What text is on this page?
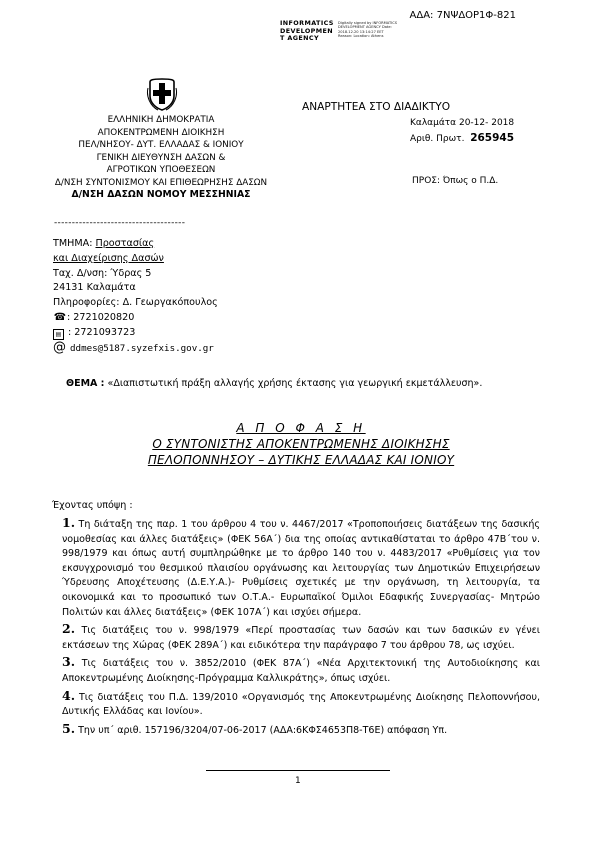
ΑΔΑ: 7ΝΨΔΟΡ1Φ-821
INFORMATICS
DEVELOPMEN
T AGENCY
Digitally signed by INFORMATICS DEVELOPMENT AGENCY Date: 2018.12.20 13:14:27 EET Reason: Location: Athens
ΕΛΛΗΝΙΚΗ ΔΗΜΟΚΡΑΤΙΑ
ΑΠΟΚΕΝΤΡΩΜΕΝΗ ΔΙΟΙΚΗΣΗ
ΠΕΛ/ΝΗΣΟΥ- ΔΥΤ. ΕΛΛΑΔΑΣ & ΙΟΝΙΟΥ
ΓΕΝΙΚΗ ΔΙΕΥΘΥΝΣΗ ΔΑΣΩΝ &
ΑΓΡΟΤΙΚΩΝ ΥΠΟΘΕΣΕΩΝ
Δ/ΝΣΗ ΣΥΝΤΟΝΙΣΜΟΥ ΚΑΙ ΕΠΙΘΕΩΡΗΣΗΣ ΔΑΣΩΝ
Δ/ΝΣΗ ΔΑΣΩΝ ΝΟΜΟΥ ΜΕΣΣΗΝΙΑΣ
ΑΝΑΡΤΗΤΕΑ ΣΤΟ ΔΙΑΔΙΚΤΥΟ
Καλαμάτα 20-12- 2018
Αριθ. Πρωτ. 265945
ΠΡΟΣ: Όπως ο Π.Δ.
-------------------------------------
ΤΜΗΜΑ: Προστασίας
και Διαχείρισης Δασών
Ταχ. Δ/νση: Ύδρας 5
24131 Καλαμάτα
Πληροφορίες: Δ. Γεωργακόπουλος
☎: 2721020820
▤ : 2721093723
@ ddmes@5187.syzefxis.gov.gr
ΘΕΜΑ : «Διαπιστωτική πράξη αλλαγής χρήσης έκτασης για γεωργική εκμετάλλευση».
Α Π Ο Φ Α Σ Η
Ο ΣΥΝΤΟΝΙΣΤΗΣ ΑΠΟΚΕΝΤΡΩΜΕΝΗΣ ΔΙΟΙΚΗΣΗΣ
ΠΕΛΟΠΟΝΝΗΣΟΥ – ΔΥΤΙΚΗΣ ΕΛΛΑΔΑΣ ΚΑΙ ΙΟΝΙΟΥ
Έχοντας υπόψη :
1. Τη διάταξη της παρ. 1 του άρθρου 4 του ν. 4467/2017 «Τροποποιήσεις διατάξεων της δασικής νομοθεσίας και άλλες διατάξεις» (ΦΕΚ 56Α΄) δια της οποίας αντικαθίσταται το άρθρο 47Β΄του ν. 998/1979 και όπως αυτή συμπληρώθηκε με το άρθρο 140 του ν. 4483/2017 «Ρυθμίσεις για τον εκσυγχρονισμό του θεσμικού πλαισίου οργάνωσης και λειτουργίας των Δημοτικών Επιχειρήσεων Ύδρευσης Αποχέτευσης (Δ.Ε.Υ.Α.)- Ρυθμίσεις σχετικές με την οργάνωση, τη λειτουργία, τα οικονομικά και το προσωπικό των Ο.Τ.Α.- Ευρωπαϊκοί Όμιλοι Εδαφικής Συνεργασίας- Μητρώο Πολιτών και άλλες διατάξεις» (ΦΕΚ 107Α΄) και ισχύει σήμερα.
2. Τις διατάξεις του ν. 998/1979 «Περί προστασίας των δασών και των δασικών εν γένει εκτάσεων της Χώρας (ΦΕΚ 289Α΄) και ειδικότερα την παράγραφο 7 του άρθρου 78, ως ισχύει.
3. Τις διατάξεις του ν. 3852/2010 (ΦΕΚ 87Α΄) «Νέα Αρχιτεκτονική της Αυτοδιοίκησης και Αποκεντρωμένης Διοίκησης-Πρόγραμμα Καλλικράτης», όπως ισχύει.
4. Τις διατάξεις του Π.Δ. 139/2010 «Οργανισμός της Αποκεντρωμένης Διοίκησης Πελοποννήσου, Δυτικής Ελλάδας και Ιονίου».
5. Την υπ΄ αριθ. 157196/3204/07-06-2017 (ΑΔΑ:6ΚΦΣ4653Π8-Τ6Ε) απόφαση Υπ.
1
